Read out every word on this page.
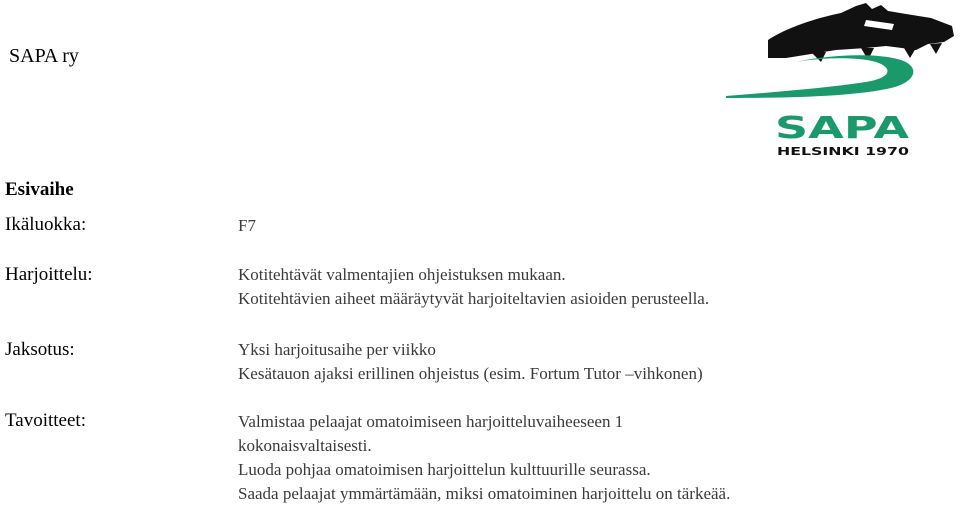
SAPA ry
SAPA
HELSINKI 1970
Esivaihe
Ikäluokka:	F7
Harjoittelu:	Kotitehtävät valmentajien ohjeistuksen mukaan.
Kotitehtävien aiheet määräytyvät harjoiteltavien asioiden perusteella.
Jaksotus:	Yksi harjoitusaihe per viikko
Kesätauon ajaksi erillinen ohjeistus (esim. Fortum Tutor –vihkonen)
Tavoitteet:	Valmistaa pelaajat omatoimiseen harjoitteluvaiheeseen 1
kokonaisvaltaisesti.
Luoda pohjaa omatoimisen harjoittelun kulttuurille seurassa.
Saada pelaajat ymmärtämään, miksi omatoiminen harjoittelu on tärkeää.
